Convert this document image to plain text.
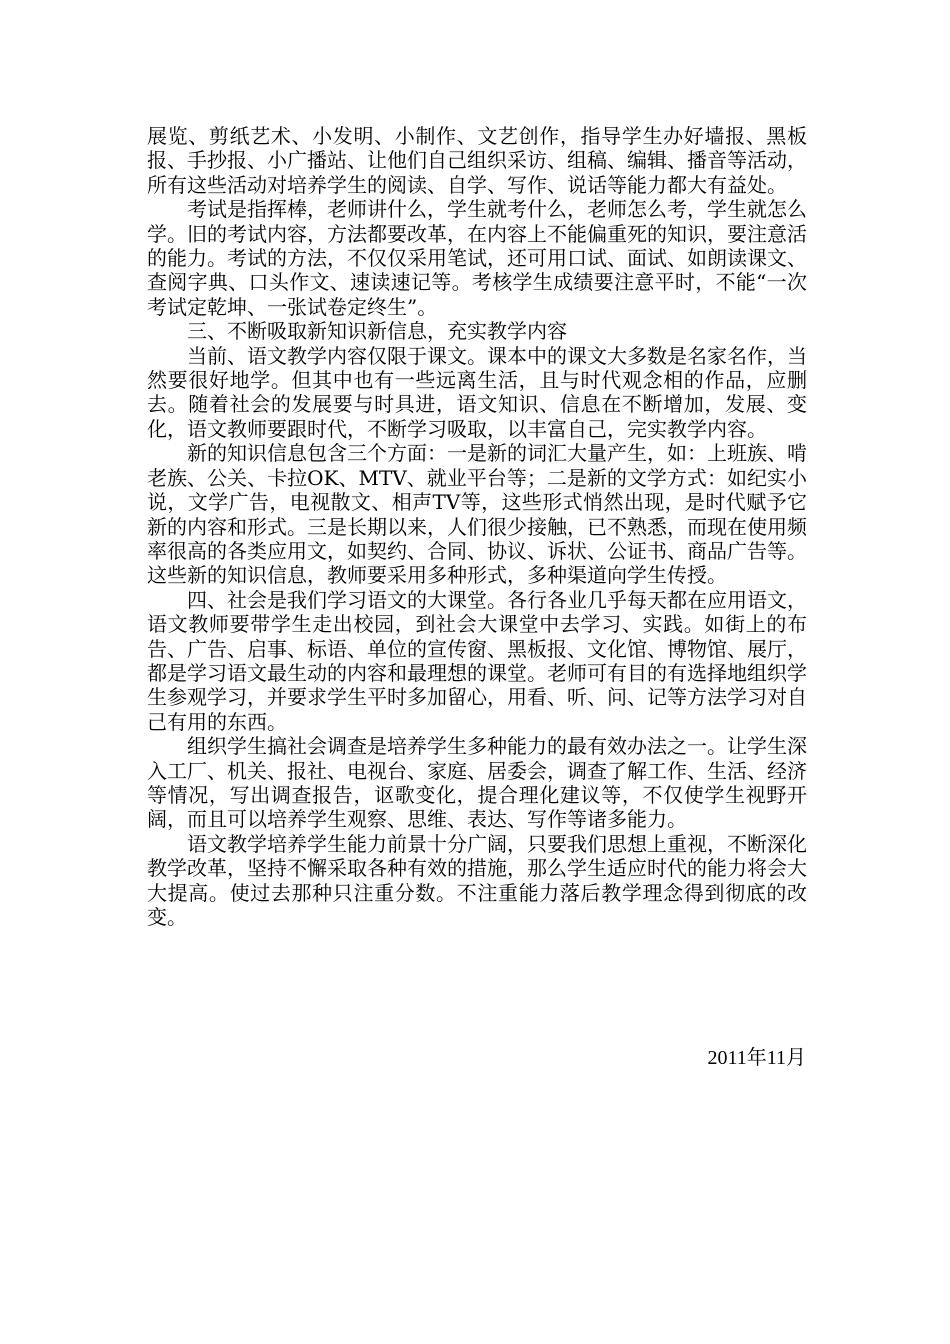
展览、剪纸艺术、小发明、小制作、文艺创作，指导学生办好墙报、黑板报、手抄报、小广播站、让他们自己组织采访、组稿、编辑、播音等活动，所有这些活动对培养学生的阅读、自学、写作、说话等能力都大有益处。

考试是指挥棒，老师讲什么，学生就考什么，老师怎么考，学生就怎么学。旧的考试内容，方法都要改革，在内容上不能偏重死的知识，要注意活的能力。考试的方法，不仅仅采用笔试，还可用口试、面试、如朗读课文、查阅字典、口头作文、速读速记等。考核学生成绩要注意平时，不能“一次考试定乾坤、一张试卷定终生”。

三、不断吸取新知识新信息，充实教学内容

当前、语文教学内容仅限于课文。课本中的课文大多数是名家名作，当然要很好地学。但其中也有一些远离生活，且与时代观念相的作品，应删去。随着社会的发展要与时具进，语文知识、信息在不断增加，发展、变化，语文教师要跟时代，不断学习吸取，以丰富自己，完实教学内容。

新的知识信息包含三个方面：一是新的词汇大量产生，如：上班族、啃老族、公关、卡拉OK、MTV、就业平台等；二是新的文学方式：如纪实小说，文学广告，电视散文、相声TV等，这些形式悄然出现，是时代赋予它新的内容和形式。三是长期以来，人们很少接触，已不熟悉，而现在使用频率很高的各类应用文，如契约、合同、协议、诉状、公证书、商品广告等。这些新的知识信息，教师要采用多种形式，多种渠道向学生传授。

四、社会是我们学习语文的大课堂。各行各业几乎每天都在应用语文，语文教师要带学生走出校园，到社会大课堂中去学习、实践。如街上的布告、广告、启事、标语、单位的宣传窗、黑板报、文化馆、博物馆、展厅，都是学习语文最生动的内容和最理想的课堂。老师可有目的有选择地组织学生参观学习，并要求学生平时多加留心，用看、听、问、记等方法学习对自己有用的东西。

组织学生搞社会调查是培养学生多种能力的最有效办法之一。让学生深入工厂、机关、报社、电视台、家庭、居委会，调查了解工作、生活、经济等情况，写出调查报告，讴歌变化，提合理化建议等，不仅使学生视野开阔，而且可以培养学生观察、思维、表达、写作等诸多能力。

语文教学培养学生能力前景十分广阔，只要我们思想上重视，不断深化教学改革，坚持不懈采取各种有效的措施，那么学生适应时代的能力将会大大提高。使过去那种只注重分数。不注重能力落后教学理念得到彻底的改变。

2011年11月
